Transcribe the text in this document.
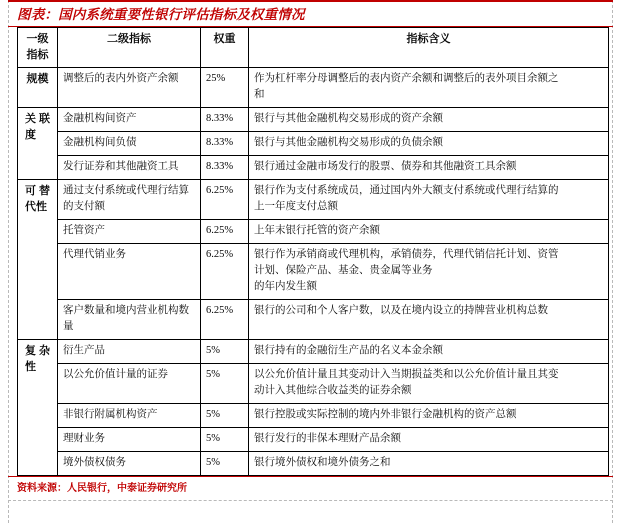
图表：国内系统重要性银行评估指标及权重情况
一级
指标	二级指标	权重	指标含义

规模	调整后的表内外资产余额	25%	作为杠杆率分母调整后的表内资产余额和调整后的表外项目余额之
和

关 联
度	金融机构间资产	8.33%	银行与其他金融机构交易形成的资产余额

	金融机构间负债	8.33%	银行与其他金融机构交易形成的负债余额

	发行证券和其他融资工具	8.33%	银行通过金融市场发行的股票、债券和其他融资工具余额

可 替
代性	通过支付系统或代理行结算的支付额	6.25%	银行作为支付系统成员，通过国内外大额支付系统或代理行结算的
上一年度支付总额

	托管资产	6.25%	上年末银行托管的资产余额

	代理代销业务	6.25%	银行作为承销商或代理机构，承销债券，代理代销信托计划、资管
计划、保险产品、基金、贵金属等业务
的年内发生额

	客户数量和境内营业机构数量	6.25%	银行的公司和个人客户数，以及在境内设立的持牌营业机构总数

复 杂
性	衍生产品	5%	银行持有的金融衍生产品的名义本金余额

	以公允价值计量的证券	5%	以公允价值计量且其变动计入当期损益类和以公允价值计量且其变
动计入其他综合收益类的证券余额

	非银行附属机构资产	5%	银行控股或实际控制的境内外非银行金融机构的资产总额

	理财业务	5%	银行发行的非保本理财产品余额

	境外债权债务	5%	银行境外债权和境外债务之和
资料来源：人民银行，中泰证券研究所
